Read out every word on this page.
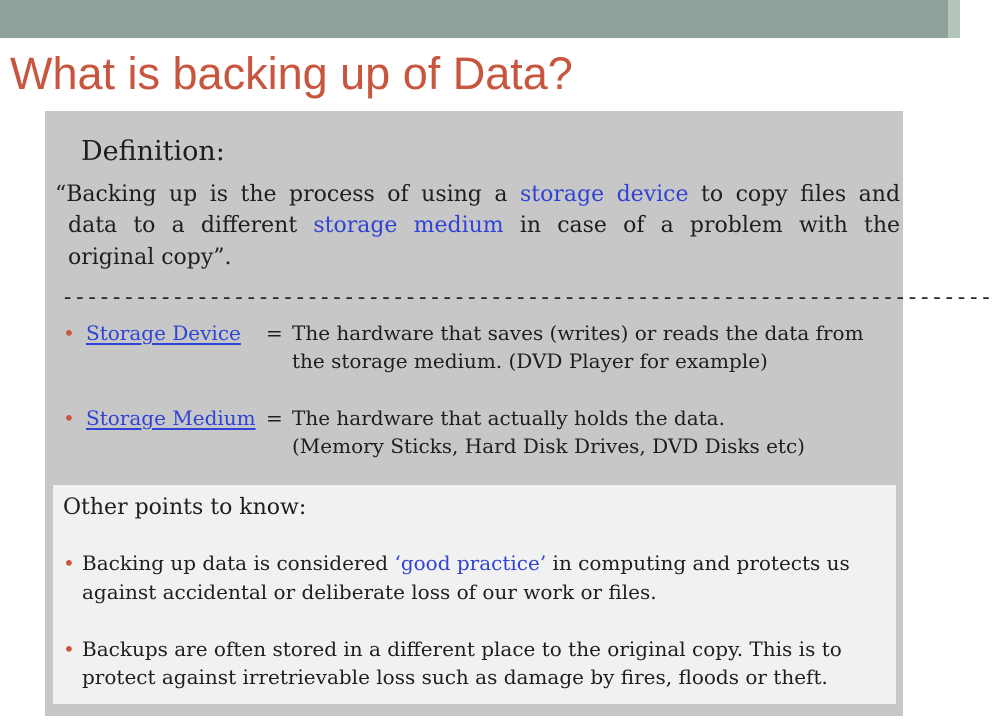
What is backing up of Data?
Definition:
“Backing up is the process of using a storage device to copy files and
data to a different storage medium in case of a problem with the
original copy”.
----------------------------------------------------------------------------
• Storage Device = The hardware that saves (writes) or reads the data from
the storage medium. (DVD Player for example)
• Storage Medium = The hardware that actually holds the data.
(Memory Sticks, Hard Disk Drives, DVD Disks etc)
Other points to know:
• Backing up data is considered ‘good practice’ in computing and protects us
against accidental or deliberate loss of our work or files.
• Backups are often stored in a different place to the original copy. This is to
protect against irretrievable loss such as damage by fires, floods or theft.
